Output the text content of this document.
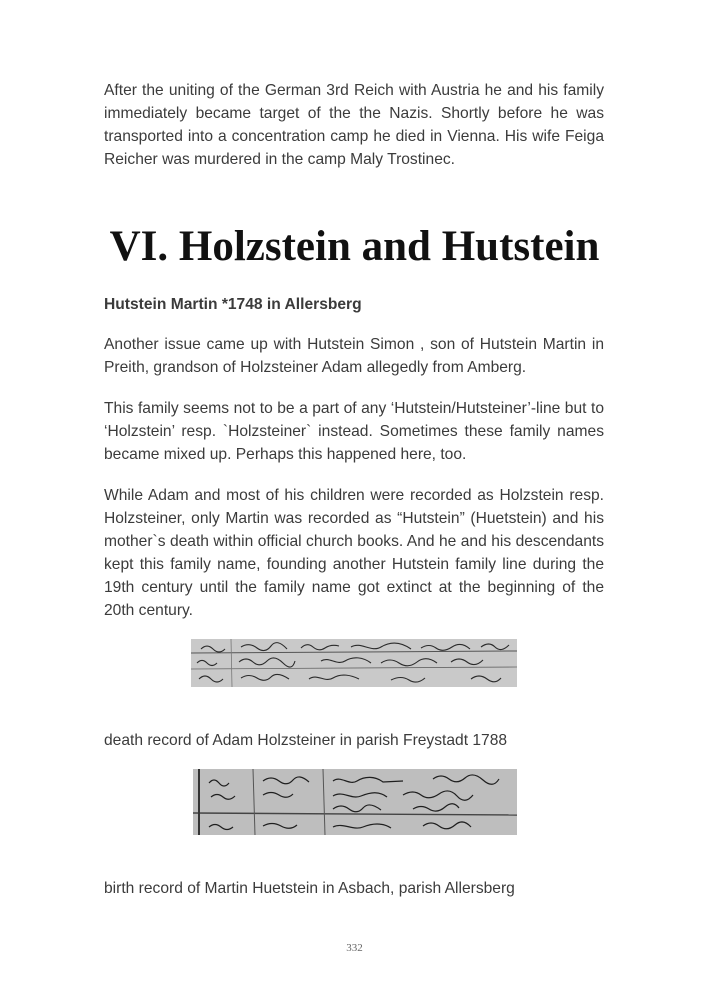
After the uniting of the German 3rd Reich with Austria he and his family immediately became target of the the Nazis. Shortly before he was transported into a concentration camp he died in Vienna. His wife Feiga Reicher was murdered in the camp Maly Trostinec.

VI. Holzstein and Hutstein

Hutstein Martin *1748 in Allersberg

Another issue came up with Hutstein Simon , son of Hutstein Martin in Preith, grandson of Holzsteiner Adam allegedly from Amberg.

This family seems not to be a part of any ‘Hutstein/Hutsteiner’-line but to ‘Holzstein’ resp. `Holzsteiner` instead. Sometimes these family names became mixed up. Perhaps this happened here, too.

While Adam and most of his children were recorded as Holzstein resp. Holzsteiner, only Martin was recorded as “Hutstein” (Huetstein) and his mother`s death within official church books. And he and his descendants kept this family name, founding another Hutstein family line during the 19th century until the family name got extinct at the beginning of the 20th century.

death record of Adam Holzsteiner in parish Freystadt 1788

birth record of Martin Huetstein in Asbach, parish Allersberg

332
